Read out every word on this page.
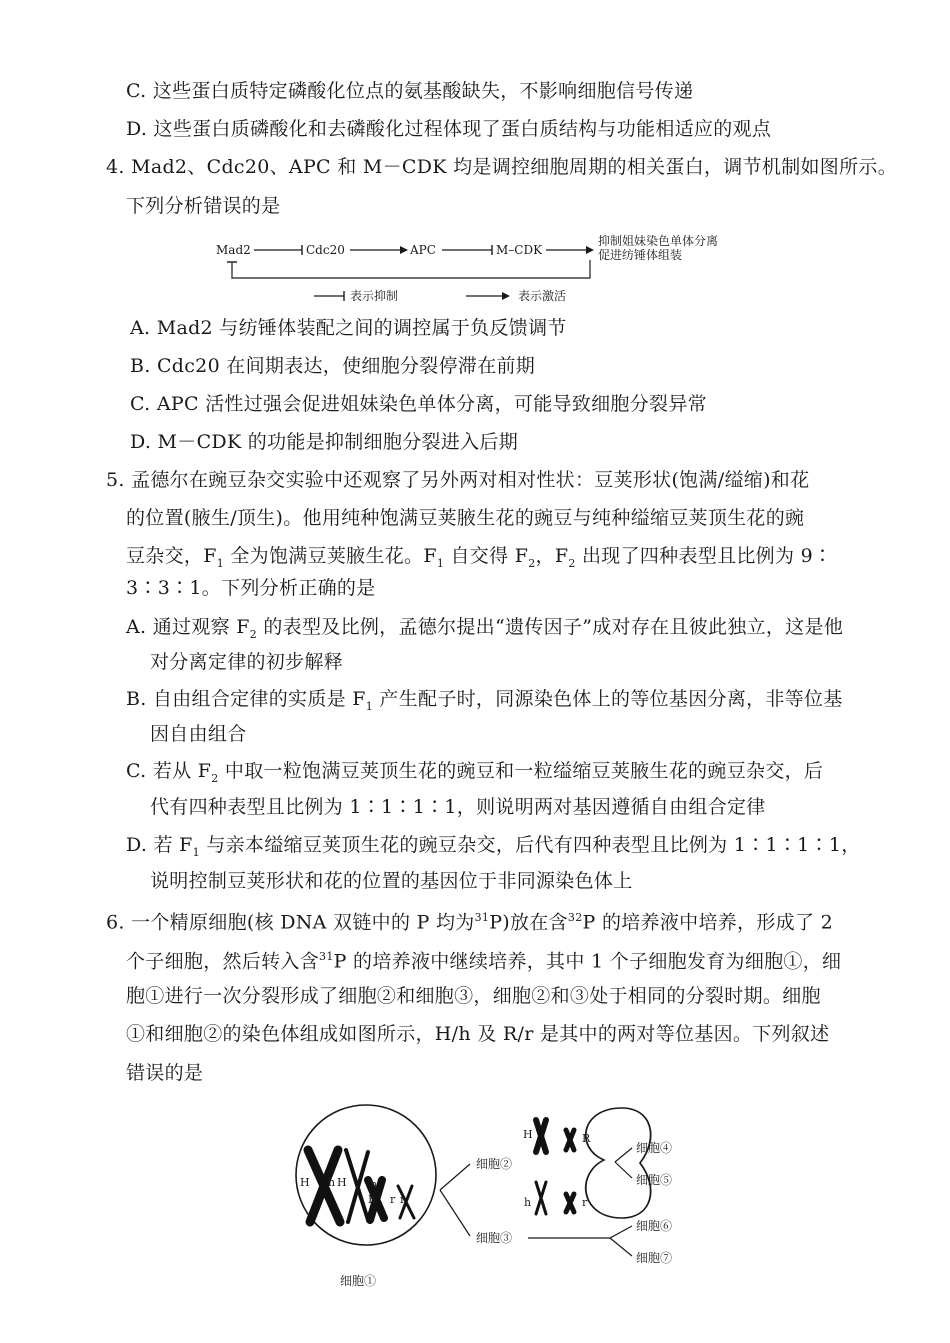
C. 这些蛋白质特定磷酸化位点的氨基酸缺失，不影响细胞信号传递
D. 这些蛋白质磷酸化和去磷酸化过程体现了蛋白质结构与功能相适应的观点
4. Mad2、Cdc20、APC 和 M－CDK 均是调控细胞周期的相关蛋白，调节机制如图所示。
下列分析错误的是
Mad2	Cdc20	APC	M–CDK
抑制姐妹染色单体分离
促进纺锤体组装
表示抑制	表示激活
A. Mad2 与纺锤体装配之间的调控属于负反馈调节
B. Cdc20 在间期表达，使细胞分裂停滞在前期
C. APC 活性过强会促进姐妹染色单体分离，可能导致细胞分裂异常
D. M－CDK 的功能是抑制细胞分裂进入后期
5. 孟德尔在豌豆杂交实验中还观察了另外两对相对性状：豆荚形状(饱满/缢缩)和花
的位置(腋生/顶生)。他用纯种饱满豆荚腋生花的豌豆与纯种缢缩豆荚顶生花的豌
豆杂交，$F_1$ 全为饱满豆荚腋生花。$F_1$ 自交得 $F_2$，$F_2$ 出现了四种表型且比例为 9∶
3∶3∶1。下列分析正确的是
A. 通过观察 $F_2$ 的表型及比例，孟德尔提出“遗传因子”成对存在且彼此独立，这是他
对分离定律的初步解释
B. 自由组合定律的实质是 $F_1$ 产生配子时，同源染色体上的等位基因分离，非等位基
因自由组合
C. 若从 $F_2$ 中取一粒饱满豆荚顶生花的豌豆和一粒缢缩豆荚腋生花的豌豆杂交，后
代有四种表型且比例为 1∶1∶1∶1，则说明两对基因遵循自由组合定律
D. 若 $F_1$ 与亲本缢缩豆荚顶生花的豌豆杂交，后代有四种表型且比例为 1∶1∶1∶1，
说明控制豆荚形状和花的位置的基因位于非同源染色体上
6. 一个精原细胞(核 DNA 双链中的 P 均为$^{31}$P)放在含$^{32}$P 的培养液中培养，形成了 2
个子细胞，然后转入含$^{31}$P 的培养液中继续培养，其中 1 个子细胞发育为细胞①，细
胞①进行一次分裂形成了细胞②和细胞③，细胞②和③处于相同的分裂时期。细胞
①和细胞②的染色体组成如图所示，H/h 及 R/r 是其中的两对等位基因。下列叙述
错误的是
H h H h
R r r
细胞①
细胞②
细胞③
H	R
h	r
细胞④
细胞⑤
细胞⑥
细胞⑦
